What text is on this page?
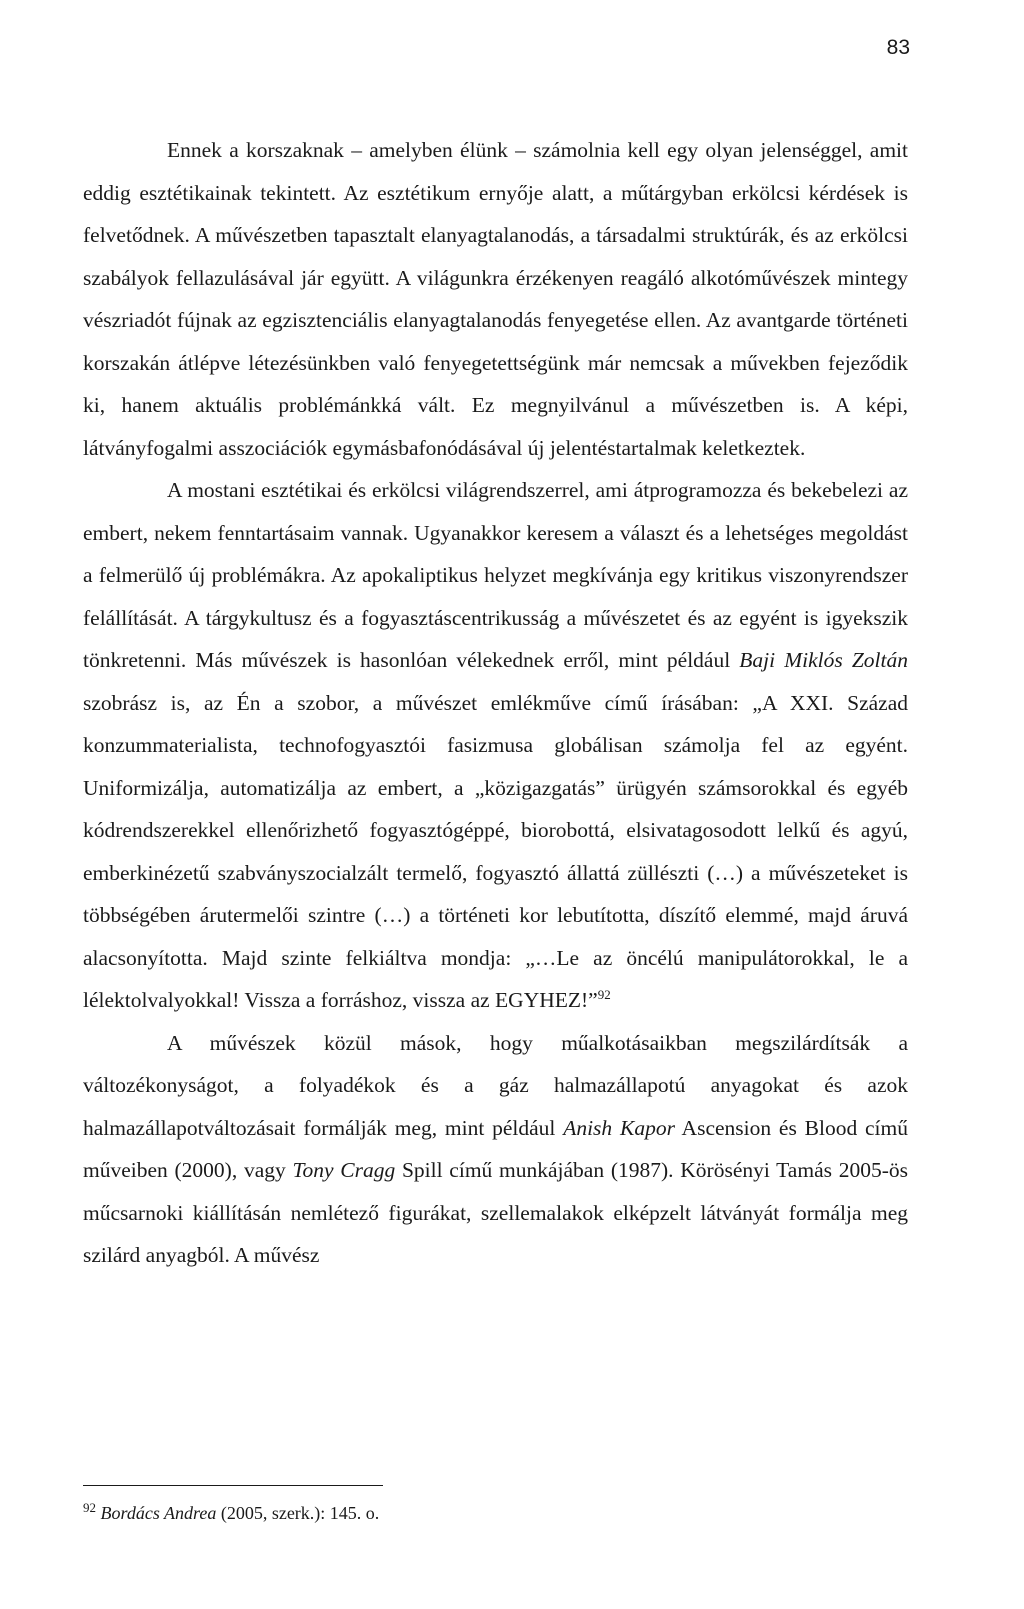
83

Ennek a korszaknak – amelyben élünk – számolnia kell egy olyan jelenséggel, amit eddig esztétikainak tekintett. Az esztétikum ernyője alatt, a műtárgyban erkölcsi kérdések is felvetődnek. A művészetben tapasztalt elanyagtalanodás, a társadalmi struktúrák, és az erkölcsi szabályok fellazulásával jár együtt. A világunkra érzékenyen reagáló alkotóművészek mintegy vészriadót fújnak az egzisztenciális elanyagtalanodás fenyegetése ellen. Az avantgarde történeti korszakán átlépve létezésünkben való fenyegetettségünk már nemcsak a művekben fejeződik ki, hanem aktuális problémánkká vált. Ez megnyilvánul a művészetben is. A képi, látványfogalmi asszociációk egymásbafonódásával új jelentéstartalmak keletkeztek.

A mostani esztétikai és erkölcsi világrendszerrel, ami átprogramozza és bekebelezi az embert, nekem fenntartásaim vannak. Ugyanakkor keresem a választ és a lehetséges megoldást a felmerülő új problémákra. Az apokaliptikus helyzet megkívánja egy kritikus viszonyrendszer felállítását. A tárgykultusz és a fogyasztáscentrikusság a művészetet és az egyént is igyekszik tönkretenni. Más művészek is hasonlóan vélekednek erről, mint például Baji Miklós Zoltán szobrász is, az Én a szobor, a művészet emlékműve című írásában: „A XXI. Század konzummaterialista, technofogyasztói fasizmusa globálisan számolja fel az egyént. Uniformizálja, automatizálja az embert, a „közigazgatás” ürügyén számsorokkal és egyéb kódrendszerekkel ellenőrizhető fogyasztógéppé, biorobottá, elsivatagosodott lelkű és agyú, emberkinézetű szabványszocialzált termelő, fogyasztó állattá züllészti (…) a művészeteket is többségében árutermelői szintre (…) a történeti kor lebutította, díszítő elemmé, majd áruvá alacsonyította. Majd szinte felkiáltva mondja: „…Le az öncélú manipulátorokkal, le a lélektolvalyokkal! Vissza a forráshoz, vissza az EGYHEZ!”$^{92}$

A művészek közül mások, hogy műalkotásaikban megszilárdítsák a változékonyságot, a folyadékok és a gáz halmazállapotú anyagokat és azok halmazállapotváltozásait formálják meg, mint például Anish Kapor Ascension és Blood című műveiben (2000), vagy Tony Cragg Spill című munkájában (1987). Körösényi Tamás 2005-ös műcsarnoki kiállításán nemlétező figurákat, szellemalakok elképzelt látványát formálja meg szilárd anyagból. A művész

$^{92}$ Bordács Andrea (2005, szerk.): 145. o.
